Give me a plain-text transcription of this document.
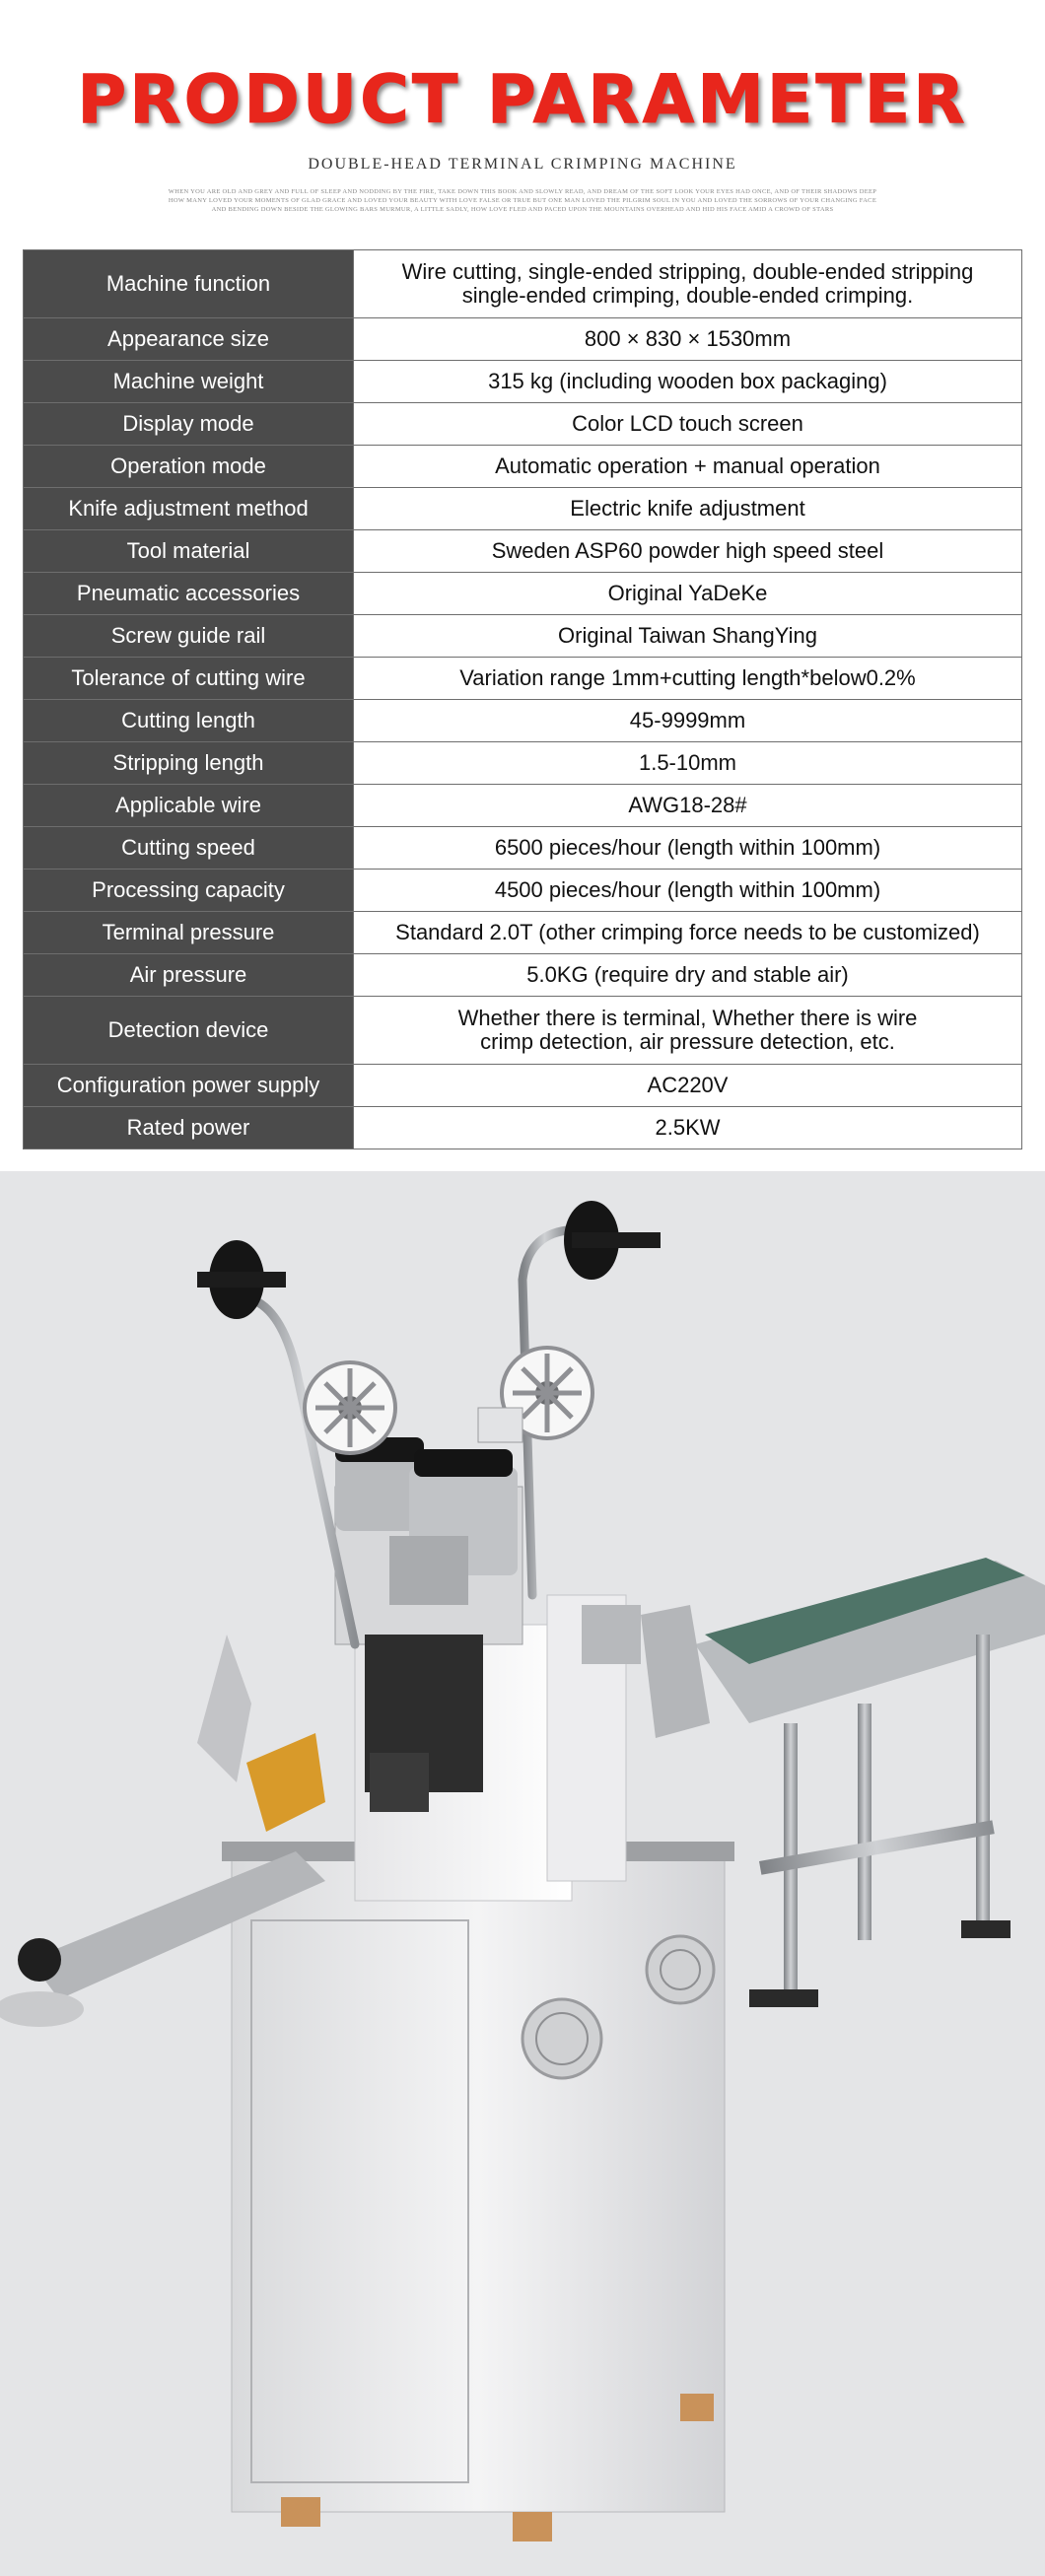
PRODUCT PARAMETER
DOUBLE-HEAD TERMINAL CRIMPING MACHINE
WHEN YOU ARE OLD AND GREY AND FULL OF SLEEP AND NODDING BY THE FIRE, TAKE DOWN THIS BOOK AND SLOWLY READ, AND DREAM OF THE SOFT LOOK YOUR EYES HAD ONCE, AND OF THEIR SHADOWS DEEP
HOW MANY LOVED YOUR MOMENTS OF GLAD GRACE AND LOVED YOUR BEAUTY WITH LOVE FALSE OR TRUE BUT ONE MAN LOVED THE PILGRIM SOUL IN YOU AND LOVED THE SORROWS OF YOUR CHANGING FACE
AND BENDING DOWN BESIDE THE GLOWING BARS MURMUR, A LITTLE SADLY, HOW LOVE FLED AND PACED UPON THE MOUNTAINS OVERHEAD AND HID HIS FACE AMID A CROWD OF STARS
Machine function	Wire cutting, single-ended stripping, double-ended stripping
single-ended crimping, double-ended crimping.

Appearance size	800 × 830 × 1530mm

Machine weight	315 kg (including wooden box packaging)

Display mode	Color LCD touch screen

Operation mode	Automatic operation + manual operation

Knife adjustment method	Electric knife adjustment

Tool material	Sweden ASP60 powder high speed steel

Pneumatic accessories	Original YaDeKe

Screw guide rail	Original Taiwan ShangYing

Tolerance of cutting wire	Variation range 1mm+cutting length*below0.2%

Cutting length	45-9999mm

Stripping length	1.5-10mm

Applicable wire	AWG18-28#

Cutting speed	6500 pieces/hour (length within 100mm)

Processing capacity	4500 pieces/hour (length within 100mm)

Terminal pressure	Standard 2.0T (other crimping force needs to be customized)

Air pressure	5.0KG (require dry and stable air)

Detection device	Whether there is terminal, Whether there is wire
crimp detection, air pressure detection, etc.

Configuration power supply	AC220V

Rated power	2.5KW
